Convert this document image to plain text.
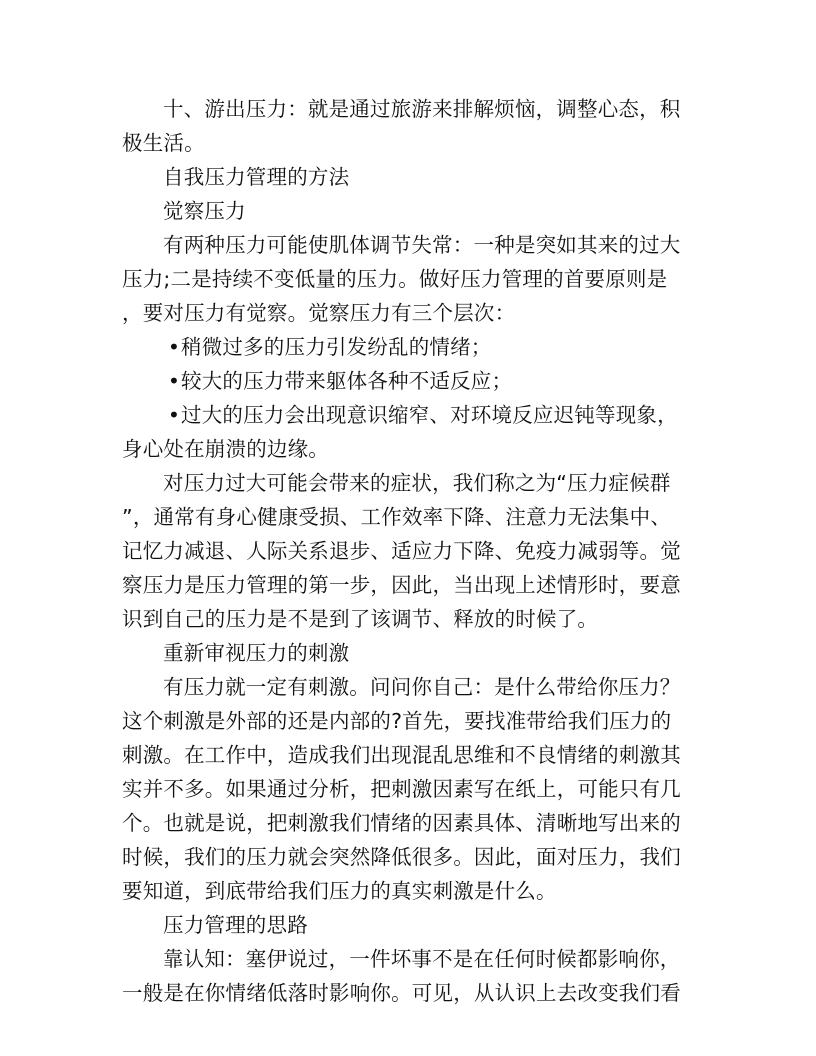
十、游出压力：就是通过旅游来排解烦恼，调整心态，积
极生活。
自我压力管理的方法
觉察压力
有两种压力可能使肌体调节失常：一种是突如其来的过大
压力;二是持续不变低量的压力。做好压力管理的首要原则是
，要对压力有觉察。觉察压力有三个层次：
•稍微过多的压力引发纷乱的情绪；
•较大的压力带来躯体各种不适反应；
•过大的压力会出现意识缩窄、对环境反应迟钝等现象，
身心处在崩溃的边缘。
对压力过大可能会带来的症状，我们称之为“压力症候群
”，通常有身心健康受损、工作效率下降、注意力无法集中、
记忆力减退、人际关系退步、适应力下降、免疫力减弱等。觉
察压力是压力管理的第一步，因此，当出现上述情形时，要意
识到自己的压力是不是到了该调节、释放的时候了。
重新审视压力的刺激
有压力就一定有刺激。问问你自己：是什么带给你压力？
这个刺激是外部的还是内部的?首先，要找准带给我们压力的
刺激。在工作中，造成我们出现混乱思维和不良情绪的刺激其
实并不多。如果通过分析，把刺激因素写在纸上，可能只有几
个。也就是说，把刺激我们情绪的因素具体、清晰地写出来的
时候，我们的压力就会突然降低很多。因此，面对压力，我们
要知道，到底带给我们压力的真实刺激是什么。
压力管理的思路
靠认知：塞伊说过，一件坏事不是在任何时候都影响你，
一般是在你情绪低落时影响你。可见，从认识上去改变我们看
